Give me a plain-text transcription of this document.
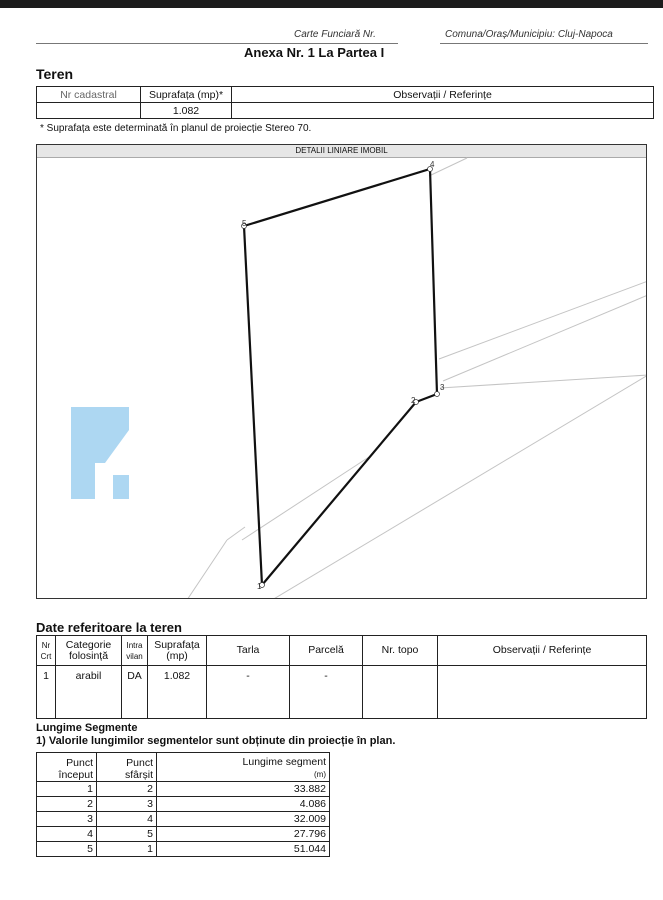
Carte Funciară Nr.	Comuna/Oraș/Municipiu: Cluj-Napoca
Anexa Nr. 1 La Partea I
Teren
Nr cadastral	Suprafața (mp)*	Observații / Referințe
	1.082	
* Suprafața este determinată în planul de proiecție Stereo 70.
DETALII LINIARE IMOBIL
1
2
3
4
5
Date referitoare la teren
Nr Crt	Categorie folosință	Intra vilan	Suprafața (mp)	Tarla	Parcelă	Nr. topo	Observații / Referințe
1	arabil	DA	1.082	-	-		
Lungime Segmente
1) Valorile lungimilor segmentelor sunt obținute din proiecție în plan.
Punct început	Punct sfârșit	Lungime segment
(m)
1	2	33.882
2	3	4.086
3	4	32.009
4	5	27.796
5	1	51.044
